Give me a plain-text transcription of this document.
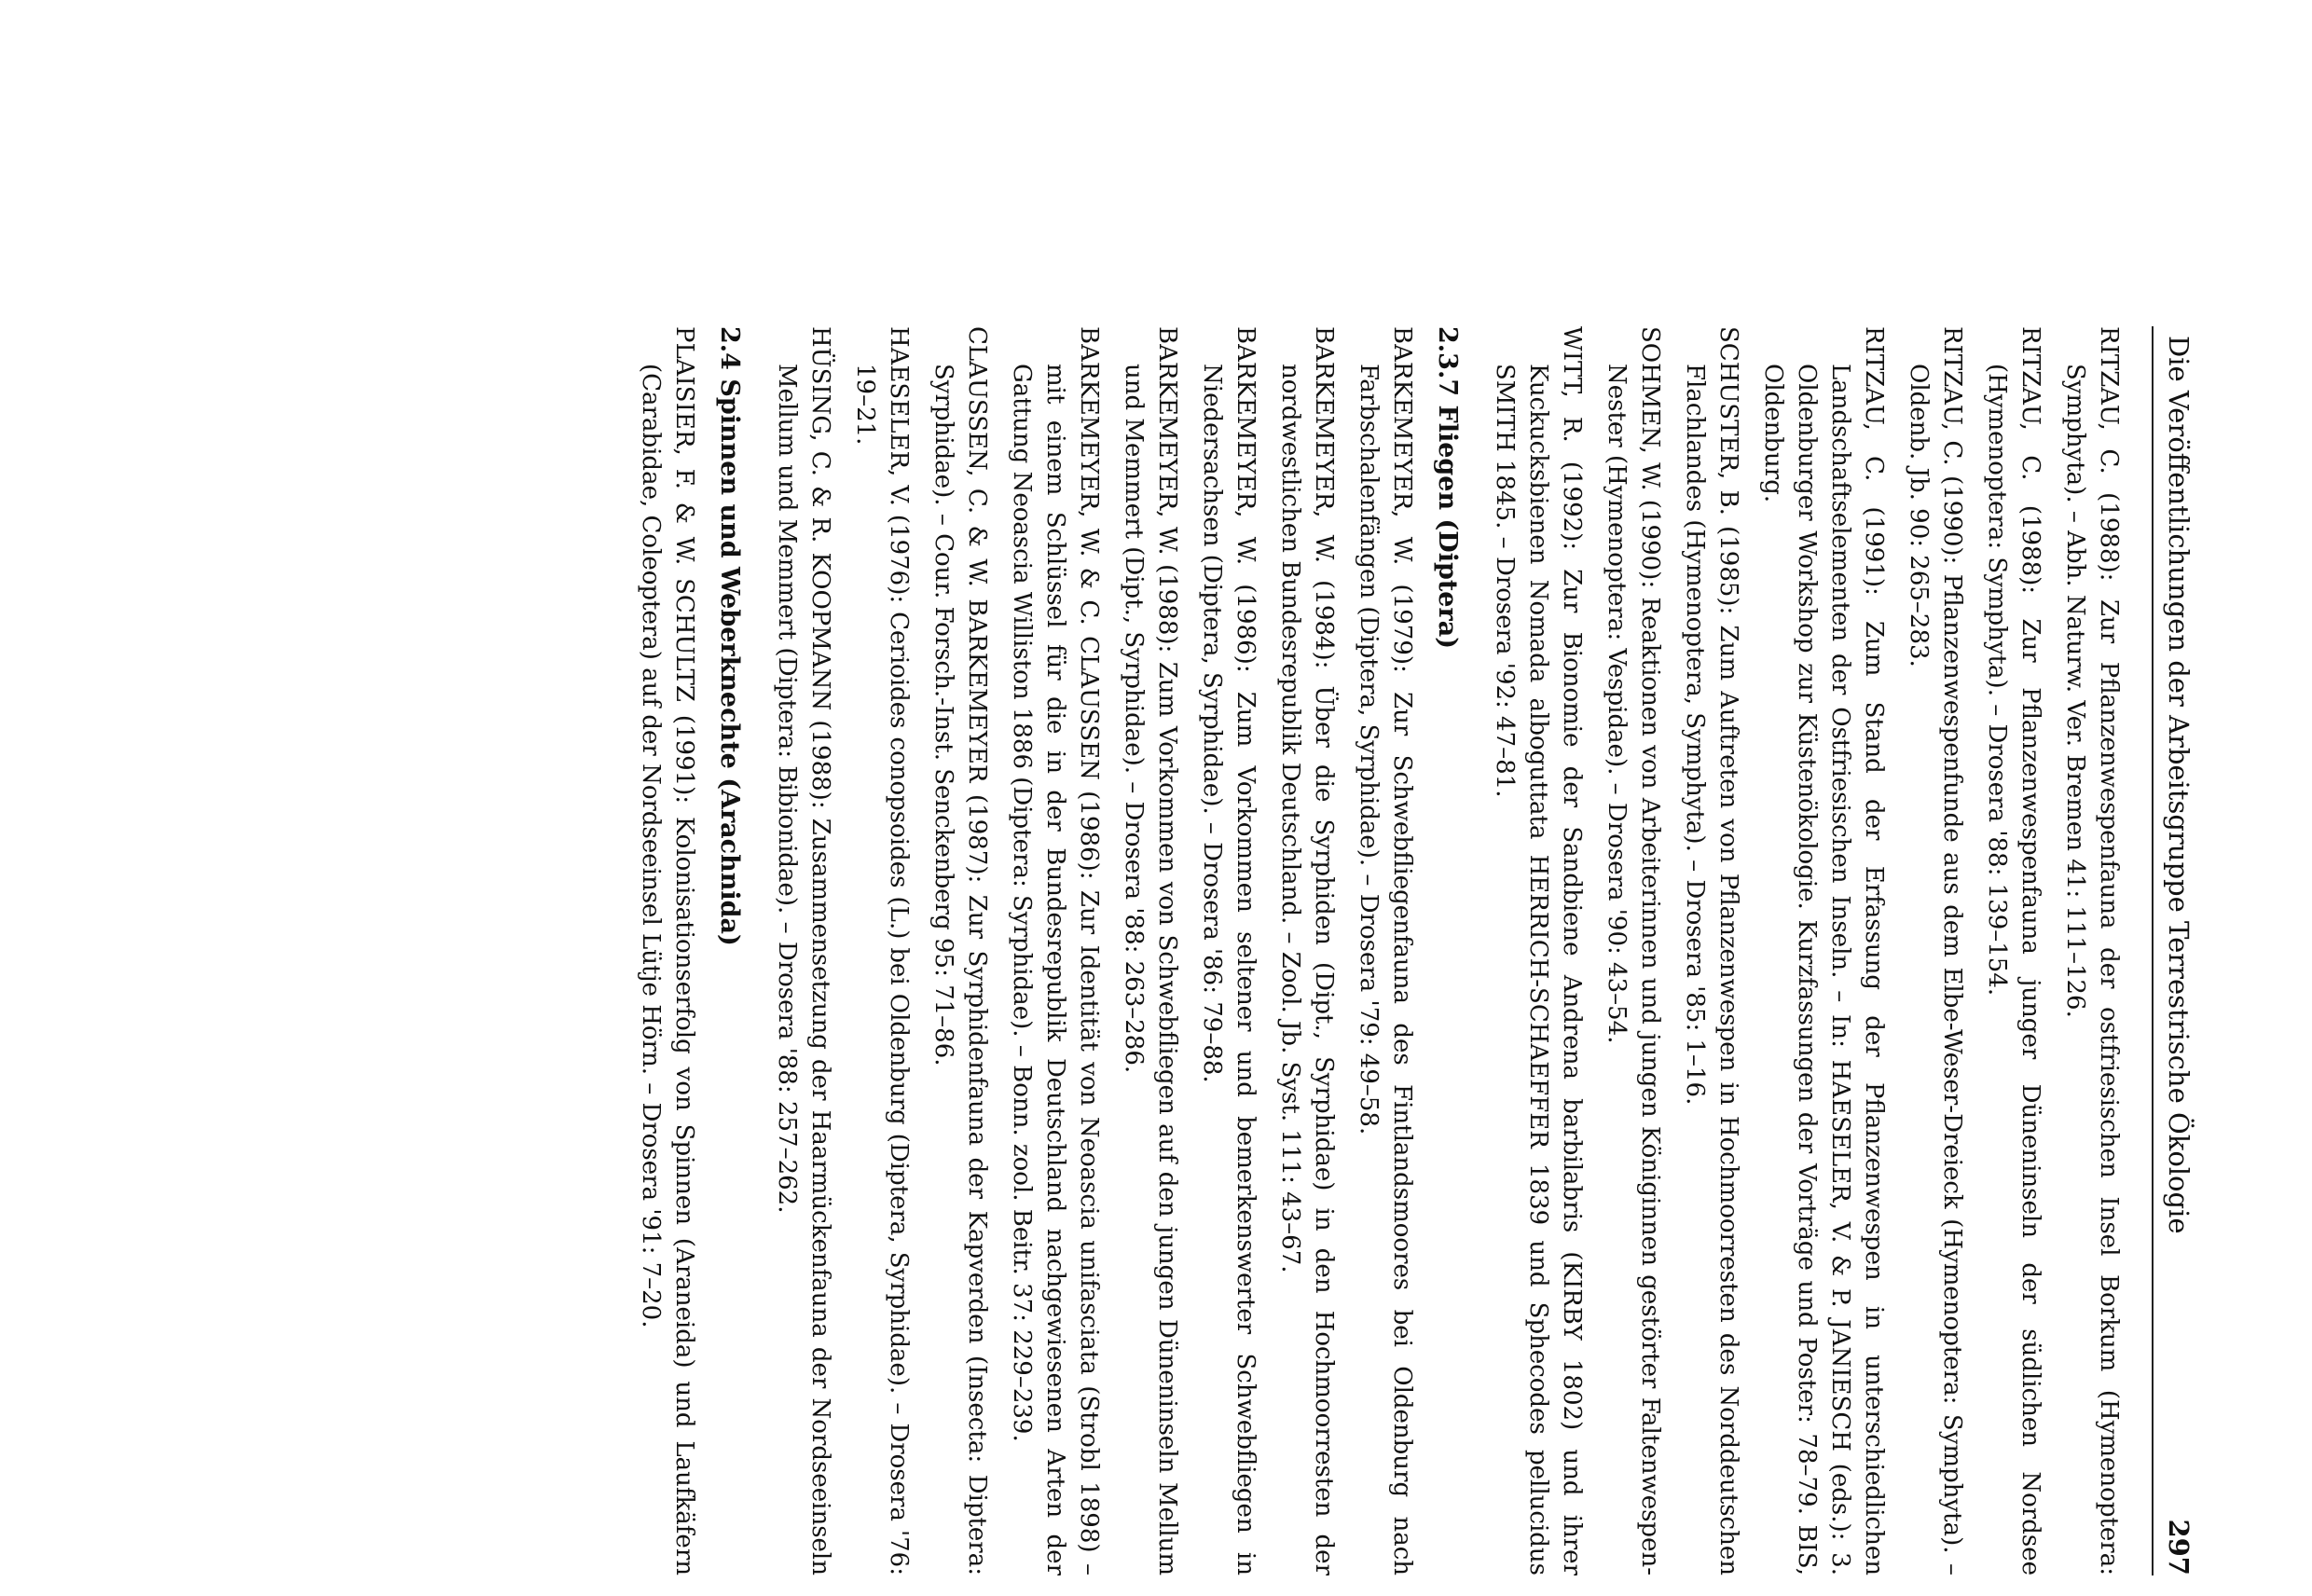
Die Veröffentlichungen der Arbeitsgruppe Terrestrische Ökologie
297

RITZAU, C. (1988): Zur Pflanzenwespenfauna der ostfriesischen Insel Borkum (Hymenoptera: Symphyta). – Abh. Naturw. Ver. Bremen 41: 111–126.

RITZAU, C. (1988): Zur Pflanzenwespenfauna junger Düneninseln der südlichen Nordsee (Hymenoptera: Symphyta). – Drosera '88: 139–154.

RITZAU, C. (1990): Pflanzenwespenfunde aus dem Elbe-Weser-Dreieck (Hymenoptera: Symphyta). – Oldenb. Jb. 90: 265–283.

RITZAU, C. (1991): Zum Stand der Erfassung der Pflanzenwespen in unterschiedlichen Landschaftselementen der Ostfriesischen Inseln. – In: HAESELER, V. & P. JANIESCH (eds.): 3. Oldenburger Workshop zur Küstenökologie. Kurzfassungen der Vorträge und Poster: 78–79. BIS, Oldenburg.

SCHUSTER, B. (1985): Zum Auftreten von Pflanzenwespen in Hochmoorresten des Norddeutschen Flachlandes (Hymenoptera, Symphyta). – Drosera '85: 1–16.

SOHMEN, W. (1990): Reaktionen von Arbeiterinnen und jungen Königinnen gestörter Faltenwespen-Nester (Hymenoptera: Vespidae). – Drosera '90: 43–54.

WITT, R. (1992): Zur Bionomie der Sandbiene Andrena barbilabris (KIRBY 1802) und ihrer Kuckucksbienen Nomada alboguttata HERRICH-SCHAEFFER 1839 und Sphecodes pellucidus SMITH 1845. – Drosera '92: 47–81.

2.3.7 Fliegen (Diptera)

BARKEMEYER, W. (1979): Zur Schwebfliegenfauna des Fintlandsmoores bei Oldenburg nach Farbschalenfängen (Diptera, Syrphidae). – Drosera '79: 49–58.

BARKEMEYER, W. (1984): Über die Syrphiden (Dipt., Syrphidae) in den Hochmoorresten der nordwestlichen Bundesrepublik Deutschland. – Zool. Jb. Syst. 111: 43–67.

BARKEMEYER, W. (1986): Zum Vorkommen seltener und bemerkenswerter Schwebfliegen in Niedersachsen (Diptera, Syrphidae). – Drosera '86: 79–88.

BARKEMEYER, W. (1988): Zum Vorkommen von Schwebfliegen auf den jungen Düneninseln Mellum und Memmert (Dipt., Syrphidae). – Drosera '88: 263–286.

BARKEMEYER, W. & C. CLAUSSEN (1986): Zur Identität von Neoascia unifasciata (Strobl 1898) – mit einem Schlüssel für die in der Bundesrepublik Deutschland nachgewiesenen Arten der Gattung Neoascia Williston 1886 (Diptera: Syrphidae). – Bonn. zool. Beitr. 37: 229–239.

CLAUSSEN, C. & W. BARKEMEYER (1987): Zur Syrphidenfauna der Kapverden (Insecta: Diptera: Syrphidae). – Cour. Forsch.-Inst. Senckenberg 95: 71–86.

HAESELER, V. (1976): Cerioides conopsoides (L.) bei Oldenburg (Diptera, Syrphidae). – Drosera '76: 19–21.

HÜSING, C. & R. KOOPMANN (1988): Zusammensetzung der Haarmückenfauna der Nordseeinseln Mellum und Memmert (Diptera: Bibionidae). – Drosera '88: 257–262.

2.4 Spinnen und Weberknechte (Arachnida)

PLAISIER, F. & W. SCHULTZ (1991): Kolonisationserfolg von Spinnen (Araneida) und Laufkäfern (Carabidae, Coleoptera) auf der Nordseeinsel Lütje Hörn. – Drosera '91: 7–20.
